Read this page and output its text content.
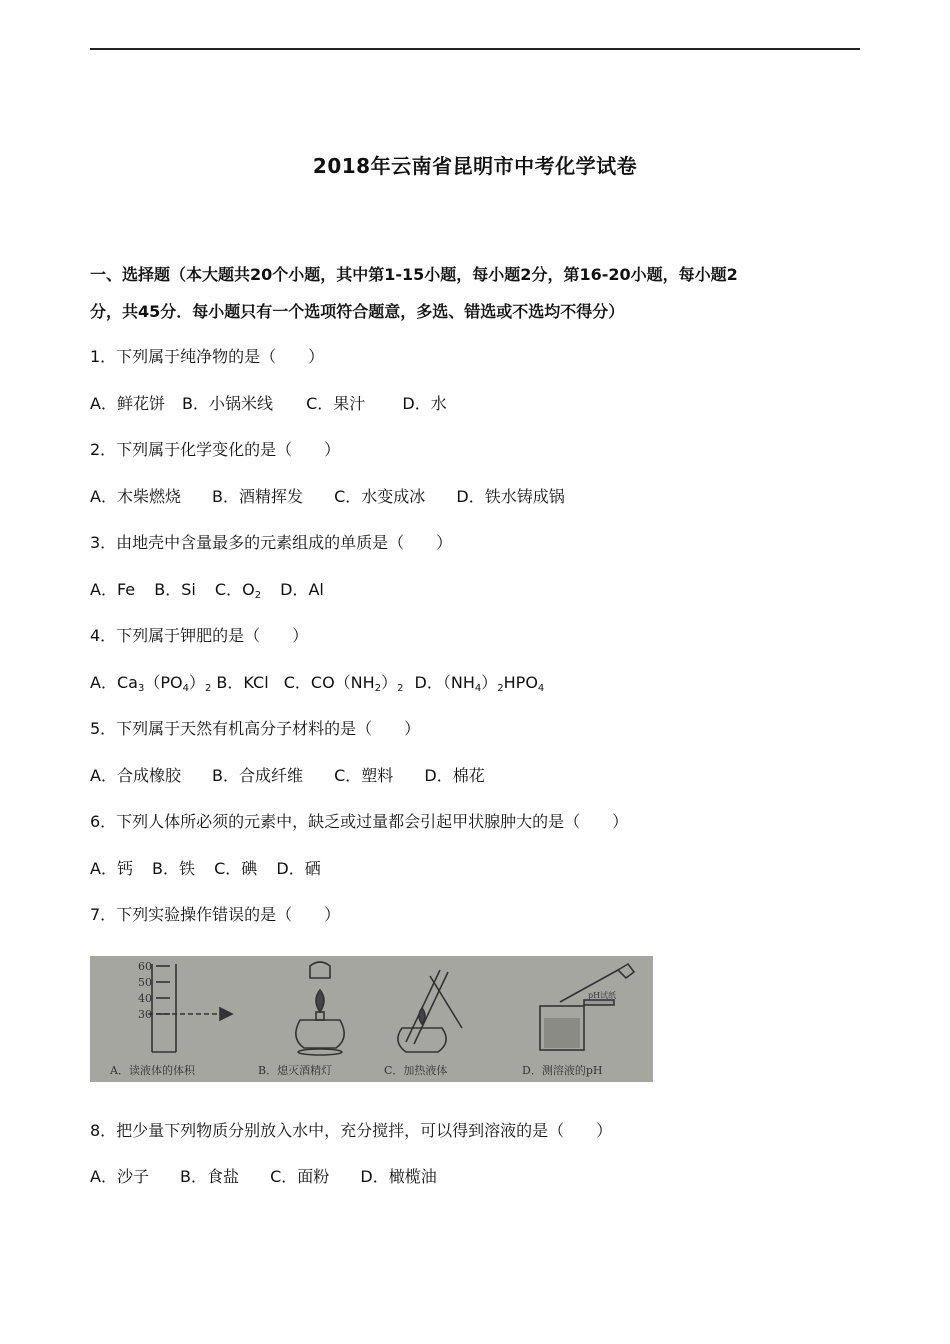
2018年云南省昆明市中考化学试卷
一、选择题（本大题共20个小题，其中第1-15小题，每小题2分，第16-20小题，每小题2
分，共45分．每小题只有一个选项符合题意，多选、错选或不选均不得分）
1．下列属于纯净物的是（　　）
A．鲜花饼 B．小锅米线 C．果汁 D．水
2．下列属于化学变化的是（　　）
A．木柴燃烧 B．酒精挥发 C．水变成冰 D．铁水铸成锅
3．由地壳中含量最多的元素组成的单质是（　　）
A．Fe B．Si C．$O_2$ D．Al
4．下列属于钾肥的是（　　）
A．$Ca_3(PO_4)_2$ B．KCl C．$CO(NH_2)_2$ D．$(NH_4)_2HPO_4$
5．下列属于天然有机高分子材料的是（　　）
A．合成橡胶 B．合成纤维 C．塑料 D．棉花
6．下列人体所必须的元素中，缺乏或过量都会引起甲状腺肿大的是（　　）
A．钙 B．铁 C．碘 D．硒
7．下列实验操作错误的是（　　）
60
50
40
30
pH试纸
A．读液体的体积	B．熄灭酒精灯	C．加热液体	D．测溶液的pH
8．把少量下列物质分别放入水中，充分搅拌，可以得到溶液的是（　　）
A．沙子 B．食盐 C．面粉 D．橄榄油
